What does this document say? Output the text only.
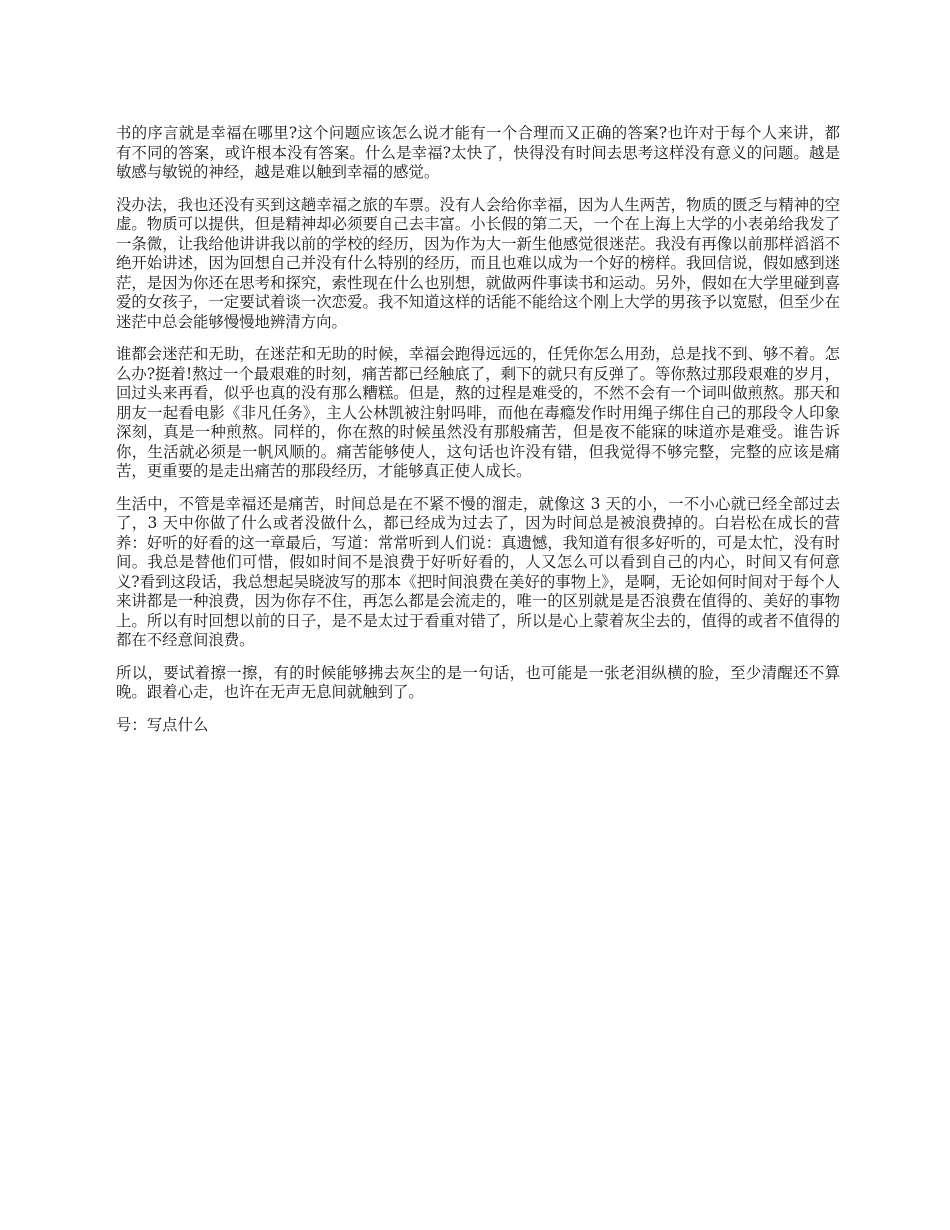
书的序言就是幸福在哪里?这个问题应该怎么说才能有一个合理而又正确的答案?也许对于每个人来讲，都有不同的答案，或许根本没有答案。什么是幸福?太快了，快得没有时间去思考这样没有意义的问题。越是敏感与敏锐的神经，越是难以触到幸福的感觉。

没办法，我也还没有买到这趟幸福之旅的车票。没有人会给你幸福，因为人生两苦，物质的匮乏与精神的空虚。物质可以提供，但是精神却必须要自己去丰富。小长假的第二天，一个在上海上大学的小表弟给我发了一条微，让我给他讲讲我以前的学校的经历，因为作为大一新生他感觉很迷茫。我没有再像以前那样滔滔不绝开始讲述，因为回想自己并没有什么特别的经历，而且也难以成为一个好的榜样。我回信说，假如感到迷茫，是因为你还在思考和探究，索性现在什么也别想，就做两件事读书和运动。另外，假如在大学里碰到喜爱的女孩子，一定要试着谈一次恋爱。我不知道这样的话能不能给这个刚上大学的男孩予以宽慰，但至少在迷茫中总会能够慢慢地辨清方向。

谁都会迷茫和无助，在迷茫和无助的时候，幸福会跑得远远的，任凭你怎么用劲，总是找不到、够不着。怎么办?挺着!熬过一个最艰难的时刻，痛苦都已经触底了，剩下的就只有反弹了。等你熬过那段艰难的岁月，回过头来再看，似乎也真的没有那么糟糕。但是，熬的过程是难受的，不然不会有一个词叫做煎熬。那天和朋友一起看电影《非凡任务》，主人公林凯被注射吗啡，而他在毒瘾发作时用绳子绑住自己的那段令人印象深刻，真是一种煎熬。同样的，你在熬的时候虽然没有那般痛苦，但是夜不能寐的味道亦是难受。谁告诉你，生活就必须是一帆风顺的。痛苦能够使人，这句话也许没有错，但我觉得不够完整，完整的应该是痛苦，更重要的是走出痛苦的那段经历，才能够真正使人成长。

生活中，不管是幸福还是痛苦，时间总是在不紧不慢的溜走，就像这 3 天的小，一不小心就已经全部过去了，3 天中你做了什么或者没做什么，都已经成为过去了，因为时间总是被浪费掉的。白岩松在成长的营养：好听的好看的这一章最后，写道：常常听到人们说：真遗憾，我知道有很多好听的，可是太忙，没有时间。我总是替他们可惜，假如时间不是浪费于好听好看的，人又怎么可以看到自己的内心，时间又有何意义?看到这段话，我总想起吴晓波写的那本《把时间浪费在美好的事物上》，是啊，无论如何时间对于每个人来讲都是一种浪费，因为你存不住，再怎么都是会流走的，唯一的区别就是是否浪费在值得的、美好的事物上。所以有时回想以前的日子，是不是太过于看重对错了，所以是心上蒙着灰尘去的，值得的或者不值得的都在不经意间浪费。

所以，要试着擦一擦，有的时候能够拂去灰尘的是一句话，也可能是一张老泪纵横的脸，至少清醒还不算晚。跟着心走，也许在无声无息间就触到了。

号：写点什么
